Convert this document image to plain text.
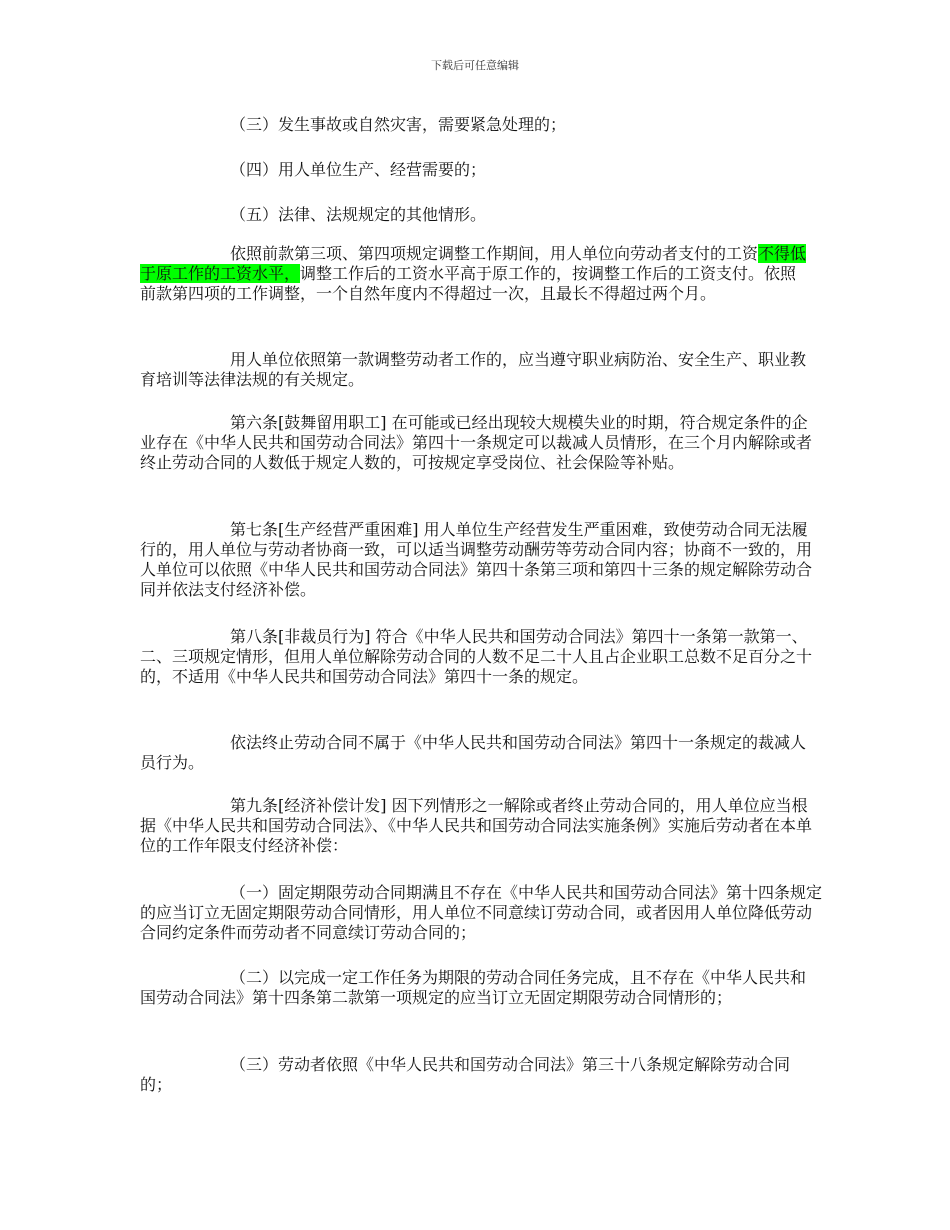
下载后可任意编辑

（三）发生事故或自然灾害，需要紧急处理的；

（四）用人单位生产、经营需要的；

（五）法律、法规规定的其他情形。

依照前款第三项、第四项规定调整工作期间，用人单位向劳动者支付的工资不得低于原工作的工资水平，调整工作后的工资水平高于原工作的，按调整工作后的工资支付。依照前款第四项的工作调整，一个自然年度内不得超过一次，且最长不得超过两个月。

用人单位依照第一款调整劳动者工作的，应当遵守职业病防治、安全生产、职业教育培训等法律法规的有关规定。

第六条[鼓舞留用职工] 在可能或已经出现较大规模失业的时期，符合规定条件的企业存在《中华人民共和国劳动合同法》第四十一条规定可以裁减人员情形，在三个月内解除或者终止劳动合同的人数低于规定人数的，可按规定享受岗位、社会保险等补贴。

第七条[生产经营严重困难] 用人单位生产经营发生严重困难，致使劳动合同无法履行的，用人单位与劳动者协商一致，可以适当调整劳动酬劳等劳动合同内容；协商不一致的，用人单位可以依照《中华人民共和国劳动合同法》第四十条第三项和第四十三条的规定解除劳动合同并依法支付经济补偿。

第八条[非裁员行为] 符合《中华人民共和国劳动合同法》第四十一条第一款第一、二、三项规定情形，但用人单位解除劳动合同的人数不足二十人且占企业职工总数不足百分之十的，不适用《中华人民共和国劳动合同法》第四十一条的规定。

依法终止劳动合同不属于《中华人民共和国劳动合同法》第四十一条规定的裁减人员行为。

第九条[经济补偿计发] 因下列情形之一解除或者终止劳动合同的，用人单位应当根据《中华人民共和国劳动合同法》、《中华人民共和国劳动合同法实施条例》实施后劳动者在本单位的工作年限支付经济补偿：

（一）固定期限劳动合同期满且不存在《中华人民共和国劳动合同法》第十四条规定的应当订立无固定期限劳动合同情形，用人单位不同意续订劳动合同，或者因用人单位降低劳动合同约定条件而劳动者不同意续订劳动合同的；

（二）以完成一定工作任务为期限的劳动合同任务完成，且不存在《中华人民共和国劳动合同法》第十四条第二款第一项规定的应当订立无固定期限劳动合同情形的；

（三）劳动者依照《中华人民共和国劳动合同法》第三十八条规定解除劳动合同的；
